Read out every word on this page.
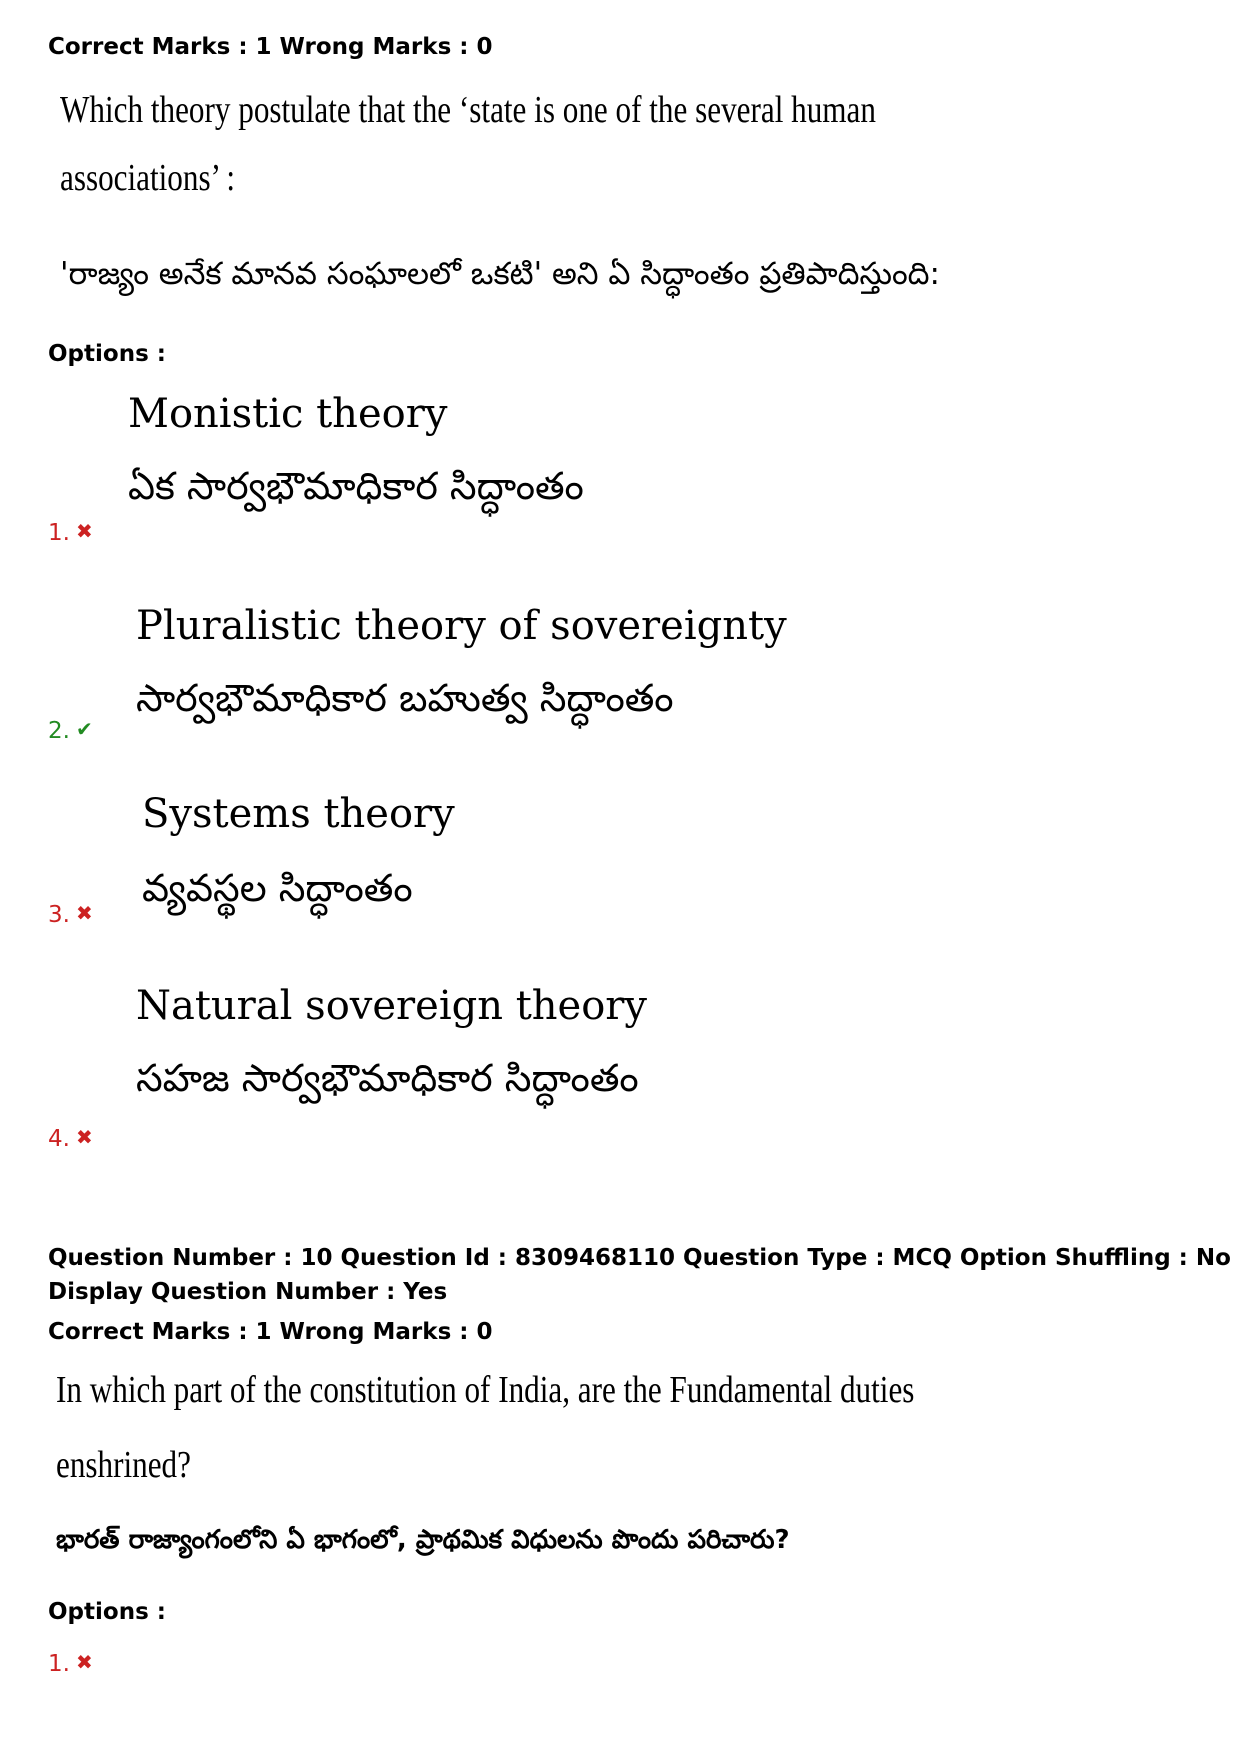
Correct Marks : 1 Wrong Marks : 0
Which theory postulate that the ‘state is one of the several human
associations’ :
'రాజ్యం అనేక మానవ సంఘాలలో ఒకటి' అని ఏ సిద్ధాంతం ప్రతిపాదిస్తుంది:
Options :
Monistic theory
ఏక సార్వభౌమాధికార సిద్ధాంతం
1. ✖
Pluralistic theory of sovereignty
సార్వభౌమాధికార బహుత్వ సిద్ధాంతం
2. ✔
Systems theory
వ్యవస్థల సిద్ధాంతం
3. ✖
Natural sovereign theory
సహజ సార్వభౌమాధికార సిద్ధాంతం
4. ✖
Question Number : 10 Question Id : 8309468110 Question Type : MCQ Option Shuffling : No
Display Question Number : Yes
Correct Marks : 1 Wrong Marks : 0
In which part of the constitution of India, are the Fundamental duties
enshrined?
భారత్ రాజ్యాంగంలోని ఏ భాగంలో, ప్రాథమిక విధులను పొందు పరిచారు?
Options :
1. ✖
